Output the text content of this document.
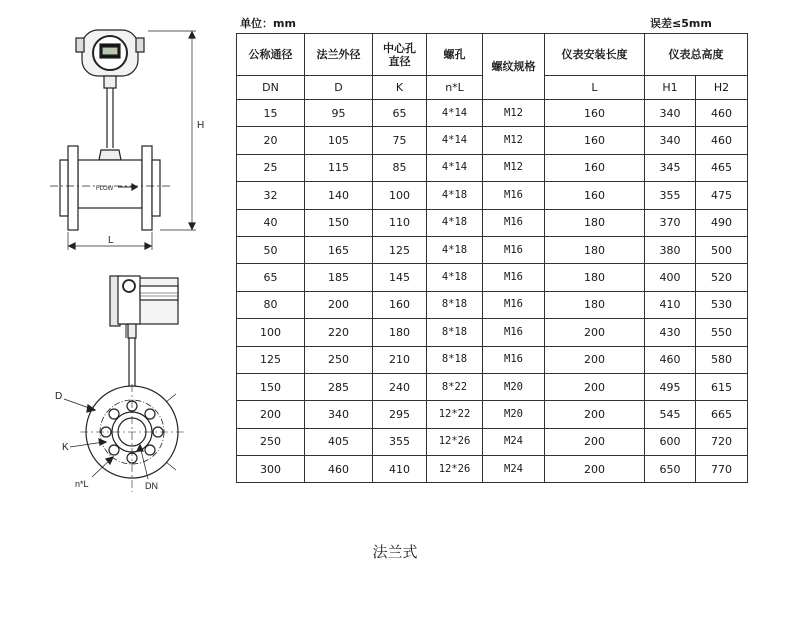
H
L
FLOW
D
K
n*L	DN
单位：mm	误差≤5mm
公称通径	法兰外径	中心孔直径	螺孔	螺纹规格	仪表安装长度	仪表总高度	
DN	D	K	n*L		L	H1	H2
15	95	65	4*14	M12	160	340	460
20	105	75	4*14	M12	160	340	460
25	115	85	4*14	M12	160	345	465
32	140	100	4*18	M16	160	355	475
40	150	110	4*18	M16	180	370	490
50	165	125	4*18	M16	180	380	500
65	185	145	4*18	M16	180	400	520
80	200	160	8*18	M16	180	410	530
100	220	180	8*18	M16	200	430	550
125	250	210	8*18	M16	200	460	580
150	285	240	8*22	M20	200	495	615
200	340	295	12*22	M20	200	545	665
250	405	355	12*26	M24	200	600	720
300	460	410	12*26	M24	200	650	770
法兰式
